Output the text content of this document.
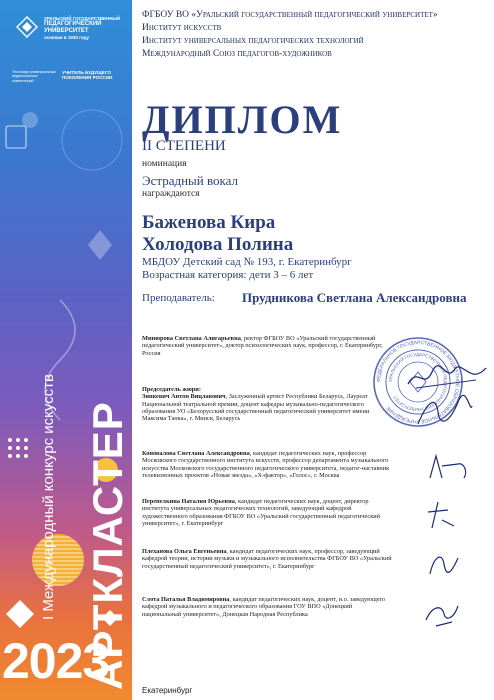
УРАЛЬСКИЙ ГОСУДАРСТВЕННЫЙ
ПЕДАГОГИЧЕСКИЙ
УНИВЕРСИТЕТ
основан в 1930 году
Технопарк универсальных педагогических компетенций
УЧИТЕЛЬ БУДУЩЕГО ПОКОЛЕНИЯ РОССИИ
АРТКЛАСТЕР
I Международный конкурс искусств
2023
ФГБОУ ВО «Уральский государственный педагогический университет»
Институт искусств
Институт универсальных педагогических технологий
Международный Союз педагогов-художников
ДИПЛОМ
II СТЕПЕНИ
номинация
Эстрадный вокал
награждаются
Баженова Кира
Холодова Полина
МБДОУ Детский сад № 193, г. Екатеринбург
Возрастная категория: дети 3 – 6 лет
Преподаватель: Прудникова Светлана Александровна
Минюрова Светлана Алигарьевна, ректор ФГБОУ ВО «Уральский государственный педагогический университет», доктор психологических наук, профессор, г. Екатеринбург, Россия
Председатель жюри:
Зинкевич Антон Вицлавович, Заслуженный артист Республики Беларусь, Лауреат Национальной театральной премии, доцент кафедры музыкально-педагогического образования УО «Белорусский государственный педагогический университет имени Максима Танка», г. Минск, Беларусь
Коновалова Светлана Александровна, кандидат педагогических наук, профессор Московского государственного института искусств, профессор департамента музыкального искусства Московского государственного педагогического университета, педагог-наставник телевизионных проектов «Новая звезда», «Х-фактор», «Голос», г. Москва
Перепелкина Наталия Юрьевна, кандидат педагогических наук, доцент, директор института универсальных педагогических технологий, заведующий кафедрой художественного образования ФГБОУ ВО «Уральский государственный педагогический университет», г. Екатеринбург
Плеханова Ольга Евгеньевна, кандидат педагогических наук, профессор, заведующий кафедрой теории, истории музыки и музыкального исполнительства ФГБОУ ВО «Уральский государственный педагогический университет», г. Екатеринбург
Слота Наталья Владимировна, кандидат педагогических наук, доцент, и.о. заведующего кафедрой музыкального и педагогического образования ГОУ ВПО «Донецкий национальный университет», Донецкая Народная Республика
ФЕДЕРАЛЬНОЕ ГОСУДАРСТВЕННОЕ БЮДЖЕТНОЕ ОБРАЗОВАТЕЛЬНОЕ УЧРЕЖДЕНИЕ
УРАЛЬСКИЙ ГОСУДАРСТВЕННЫЙ ПЕДАГОГИЧЕСКИЙ УНИВЕРСИТЕТ
Екатеринбург
